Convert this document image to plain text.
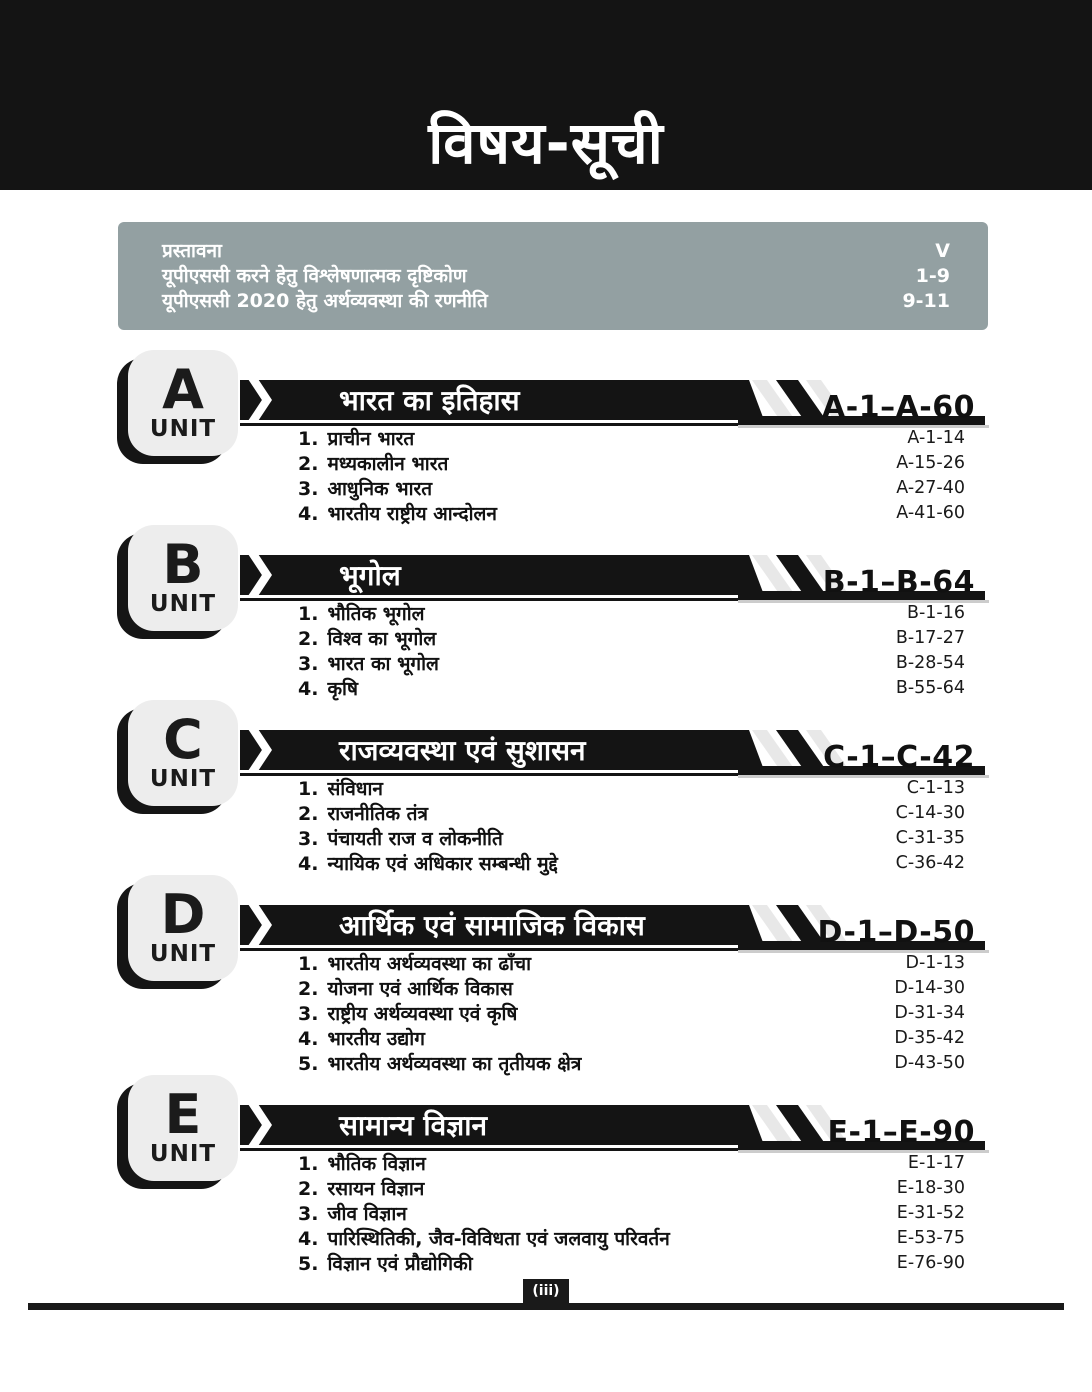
विषय-सूची
प्रस्तावना	V
यूपीएससी करने हेतु विश्लेषणात्मक दृष्टिकोण	1-9
यूपीएससी 2020 हेतु अर्थव्यवस्था की रणनीति	9-11
A
UNIT
भारत का इतिहास	A-1–A-60
1. प्राचीन भारत	A-1-14
2. मध्यकालीन भारत	A-15-26
3. आधुनिक भारत	A-27-40
4. भारतीय राष्ट्रीय आन्दोलन	A-41-60
B
UNIT
भूगोल	B-1–B-64
1. भौतिक भूगोल	B-1-16
2. विश्व का भूगोल	B-17-27
3. भारत का भूगोल	B-28-54
4. कृषि	B-55-64
C
UNIT
राजव्यवस्था एवं सुशासन	C-1–C-42
1. संविधान	C-1-13
2. राजनीतिक तंत्र	C-14-30
3. पंचायती राज व लोकनीति	C-31-35
4. न्यायिक एवं अधिकार सम्बन्धी मुद्दे	C-36-42
D
UNIT
आर्थिक एवं सामाजिक विकास	D-1–D-50
1. भारतीय अर्थव्यवस्था का ढाँचा	D-1-13
2. योजना एवं आर्थिक विकास	D-14-30
3. राष्ट्रीय अर्थव्यवस्था एवं कृषि	D-31-34
4. भारतीय उद्योग	D-35-42
5. भारतीय अर्थव्यवस्था का तृतीयक क्षेत्र	D-43-50
E
UNIT
सामान्य विज्ञान	E-1–E-90
1. भौतिक विज्ञान	E-1-17
2. रसायन विज्ञान	E-18-30
3. जीव विज्ञान	E-31-52
4. पारिस्थितिकी, जैव-विविधता एवं जलवायु परिवर्तन	E-53-75
5. विज्ञान एवं प्रौद्योगिकी	E-76-90
(iii)
